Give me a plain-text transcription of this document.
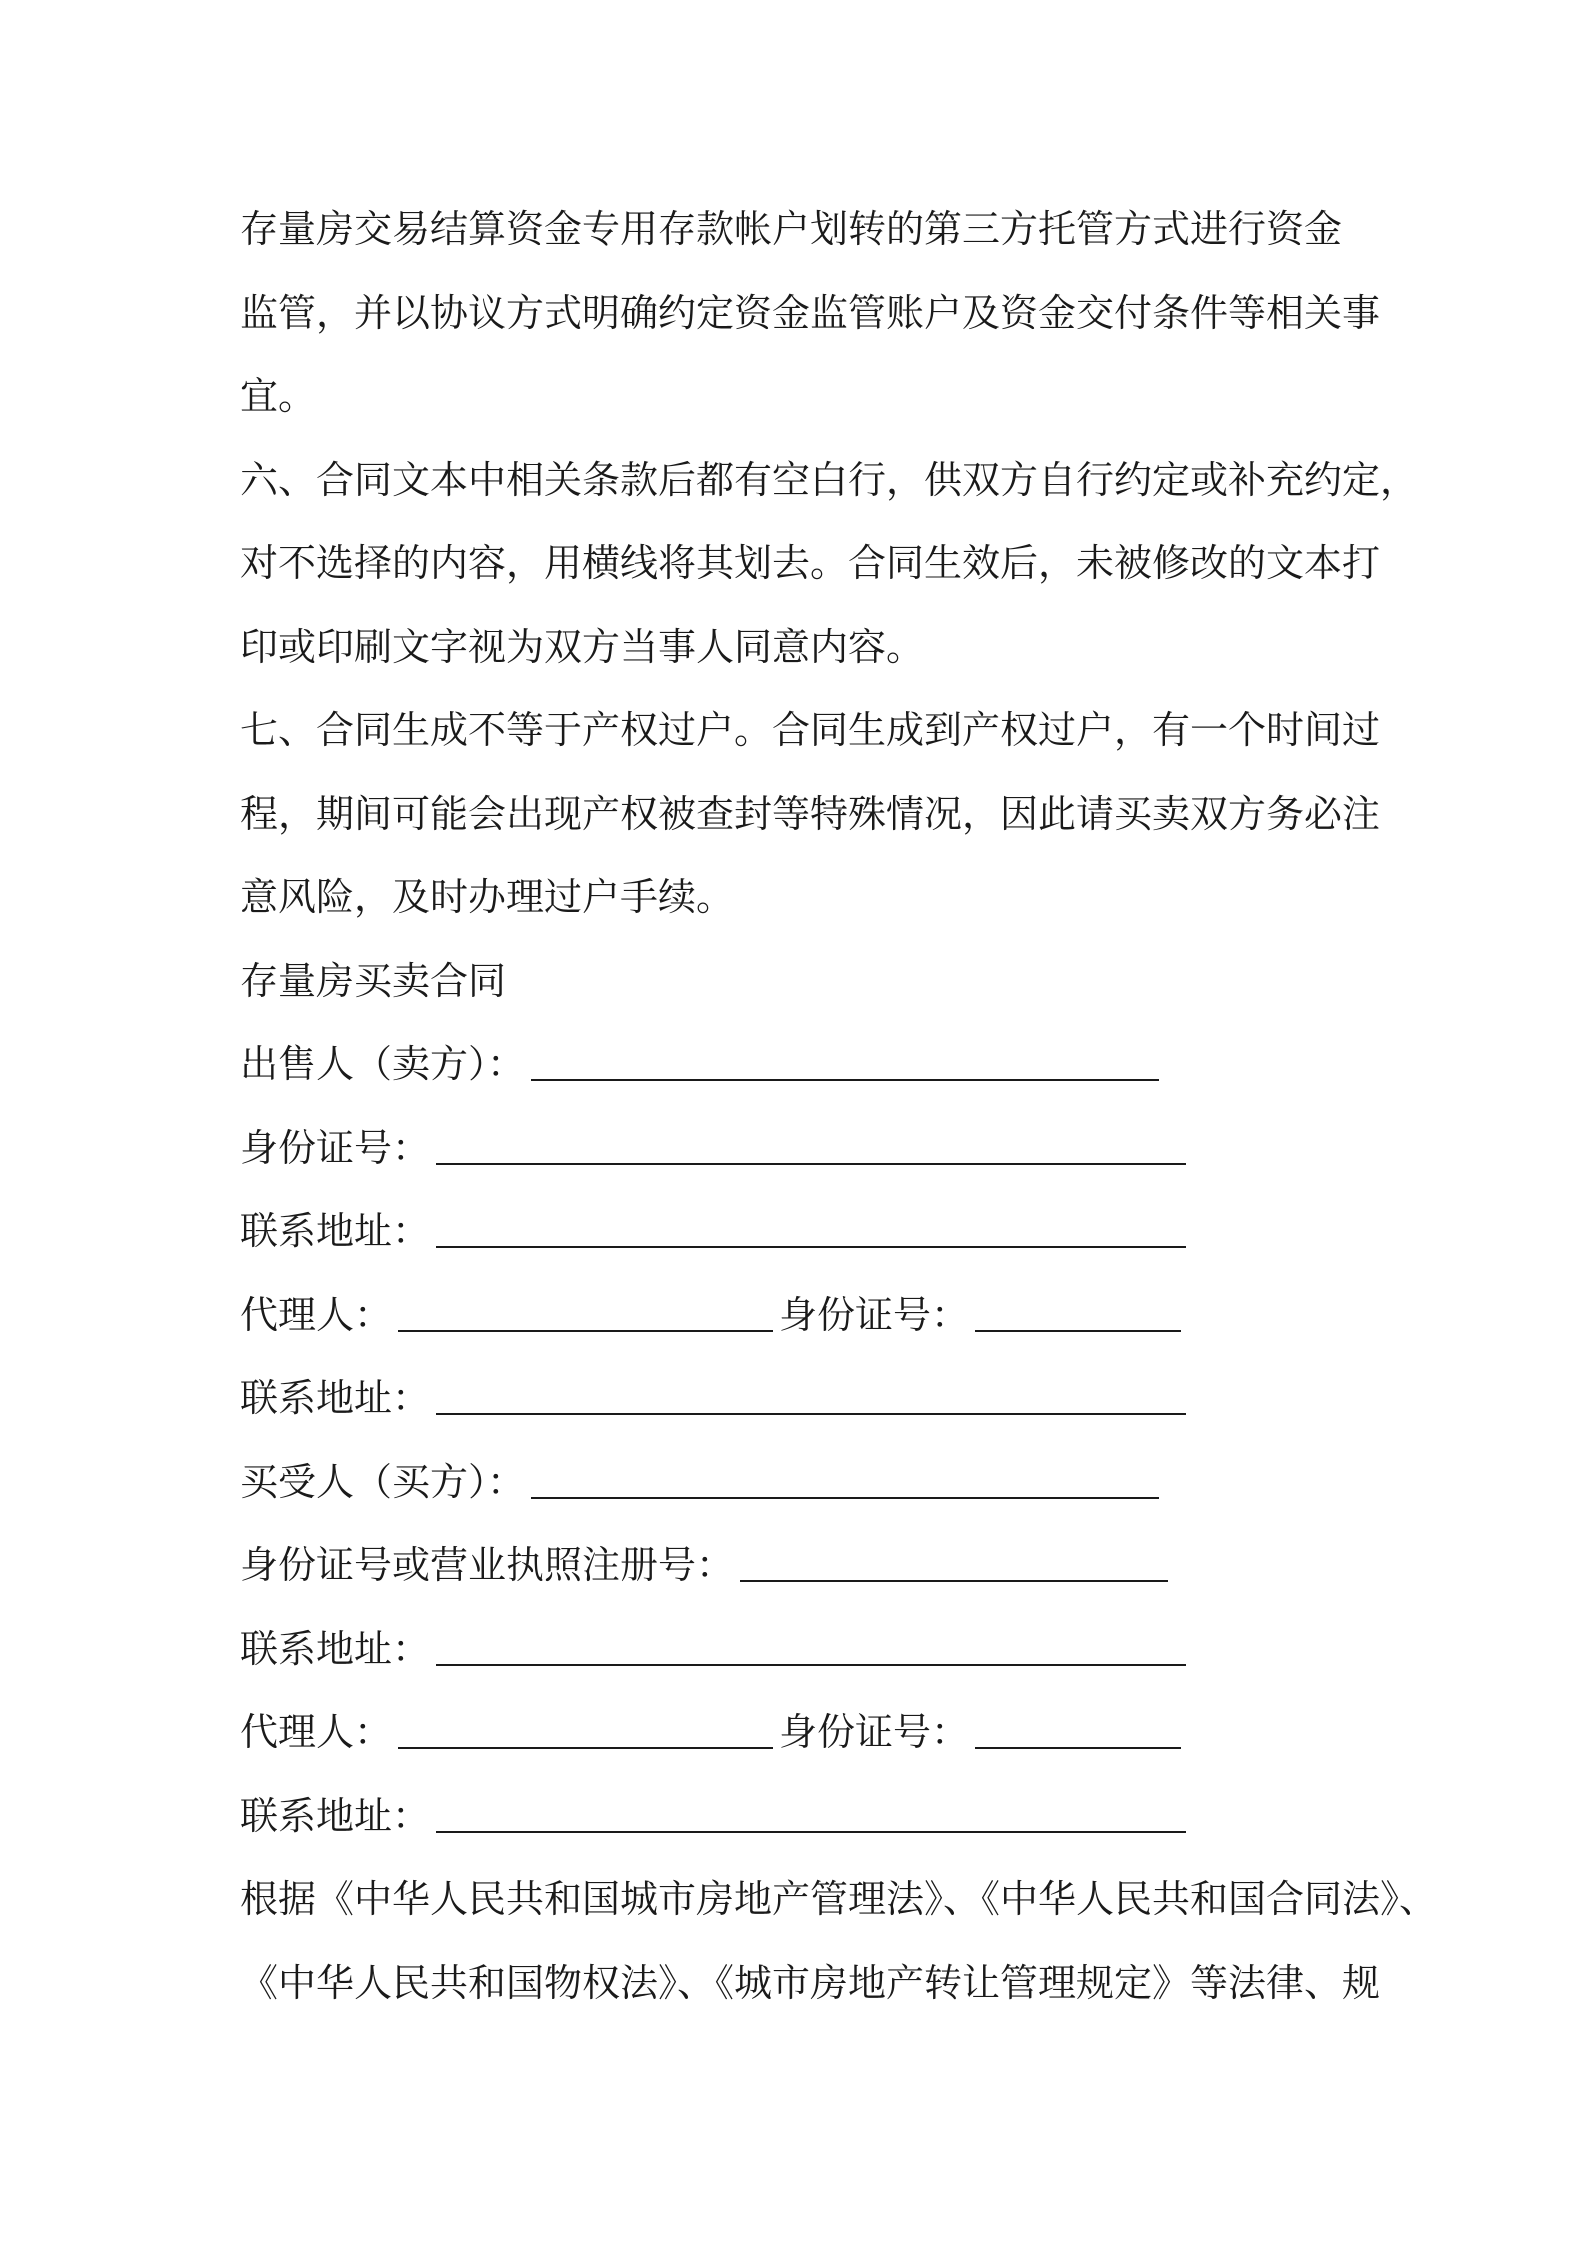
存量房交易结算资金专用存款帐户划转的第三方托管方式进行资金
监管，并以协议方式明确约定资金监管账户及资金交付条件等相关事
宜。
六、合同文本中相关条款后都有空白行，供双方自行约定或补充约定，
对不选择的内容，用横线将其划去。合同生效后，未被修改的文本打
印或印刷文字视为双方当事人同意内容。
七、合同生成不等于产权过户。合同生成到产权过户，有一个时间过
程，期间可能会出现产权被查封等特殊情况，因此请买卖双方务必注
意风险，及时办理过户手续。
存量房买卖合同
出售人（卖方）：
身份证号：
联系地址：
代理人：	身份证号：
联系地址：
买受人（买方）：
身份证号或营业执照注册号：
联系地址：
代理人：	身份证号：
联系地址：
根据《中华人民共和国城市房地产管理法》、《中华人民共和国合同法》、
《中华人民共和国物权法》、《城市房地产转让管理规定》等法律、规
